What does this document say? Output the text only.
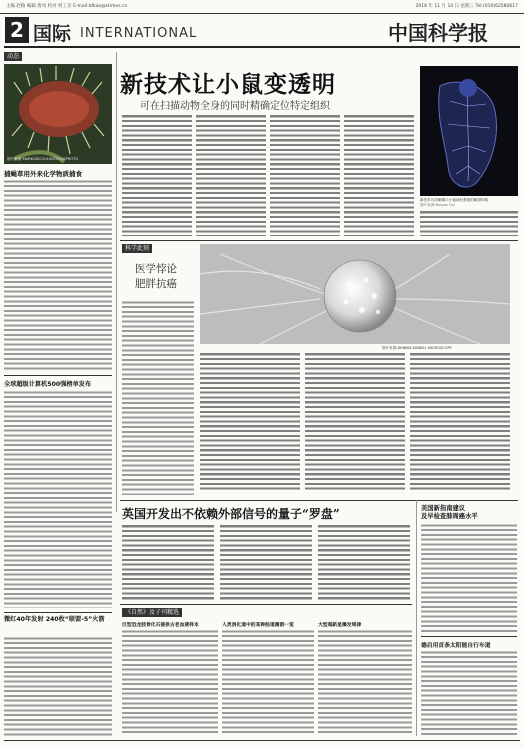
主编 赵路 编辑 唐凤 校对 何工京 E-mail:bfkao@stimes.cn	2018 年 11 月 14 日 星期三 Tel:(010)62580617
2 国际 INTERNATIONAL	中国科学报
动态
图片来源:MARKGDCOOLS/ISTOCKPHOTO
捕蝇草用外来化学物质捕食
全球超级计算机500强榜单发布
微红40年发射 240枚“联盟-5”火箭
新技术让小鼠变透明
可在扫描动物全身的同时精确定位特定组织
新技术可清晰揭示小鼠神经系统的解剖结构
图片来源:Ruiyao Cai
科学此刻
医学悖论
肥胖抗癌
图片来源:DENNIS KUNKEL MICROSCOPY
英国开发出不依赖外部信号的量子“罗盘”	美国新指南建议
及早检查肺周癌水平
德启用首条太阳能自行车道
《自然》及子刊精选
巨型恐龙肢骨化石提供古老血液样本	人类消化道中的某种肠道菌群一览	大型超新星爆发规律
